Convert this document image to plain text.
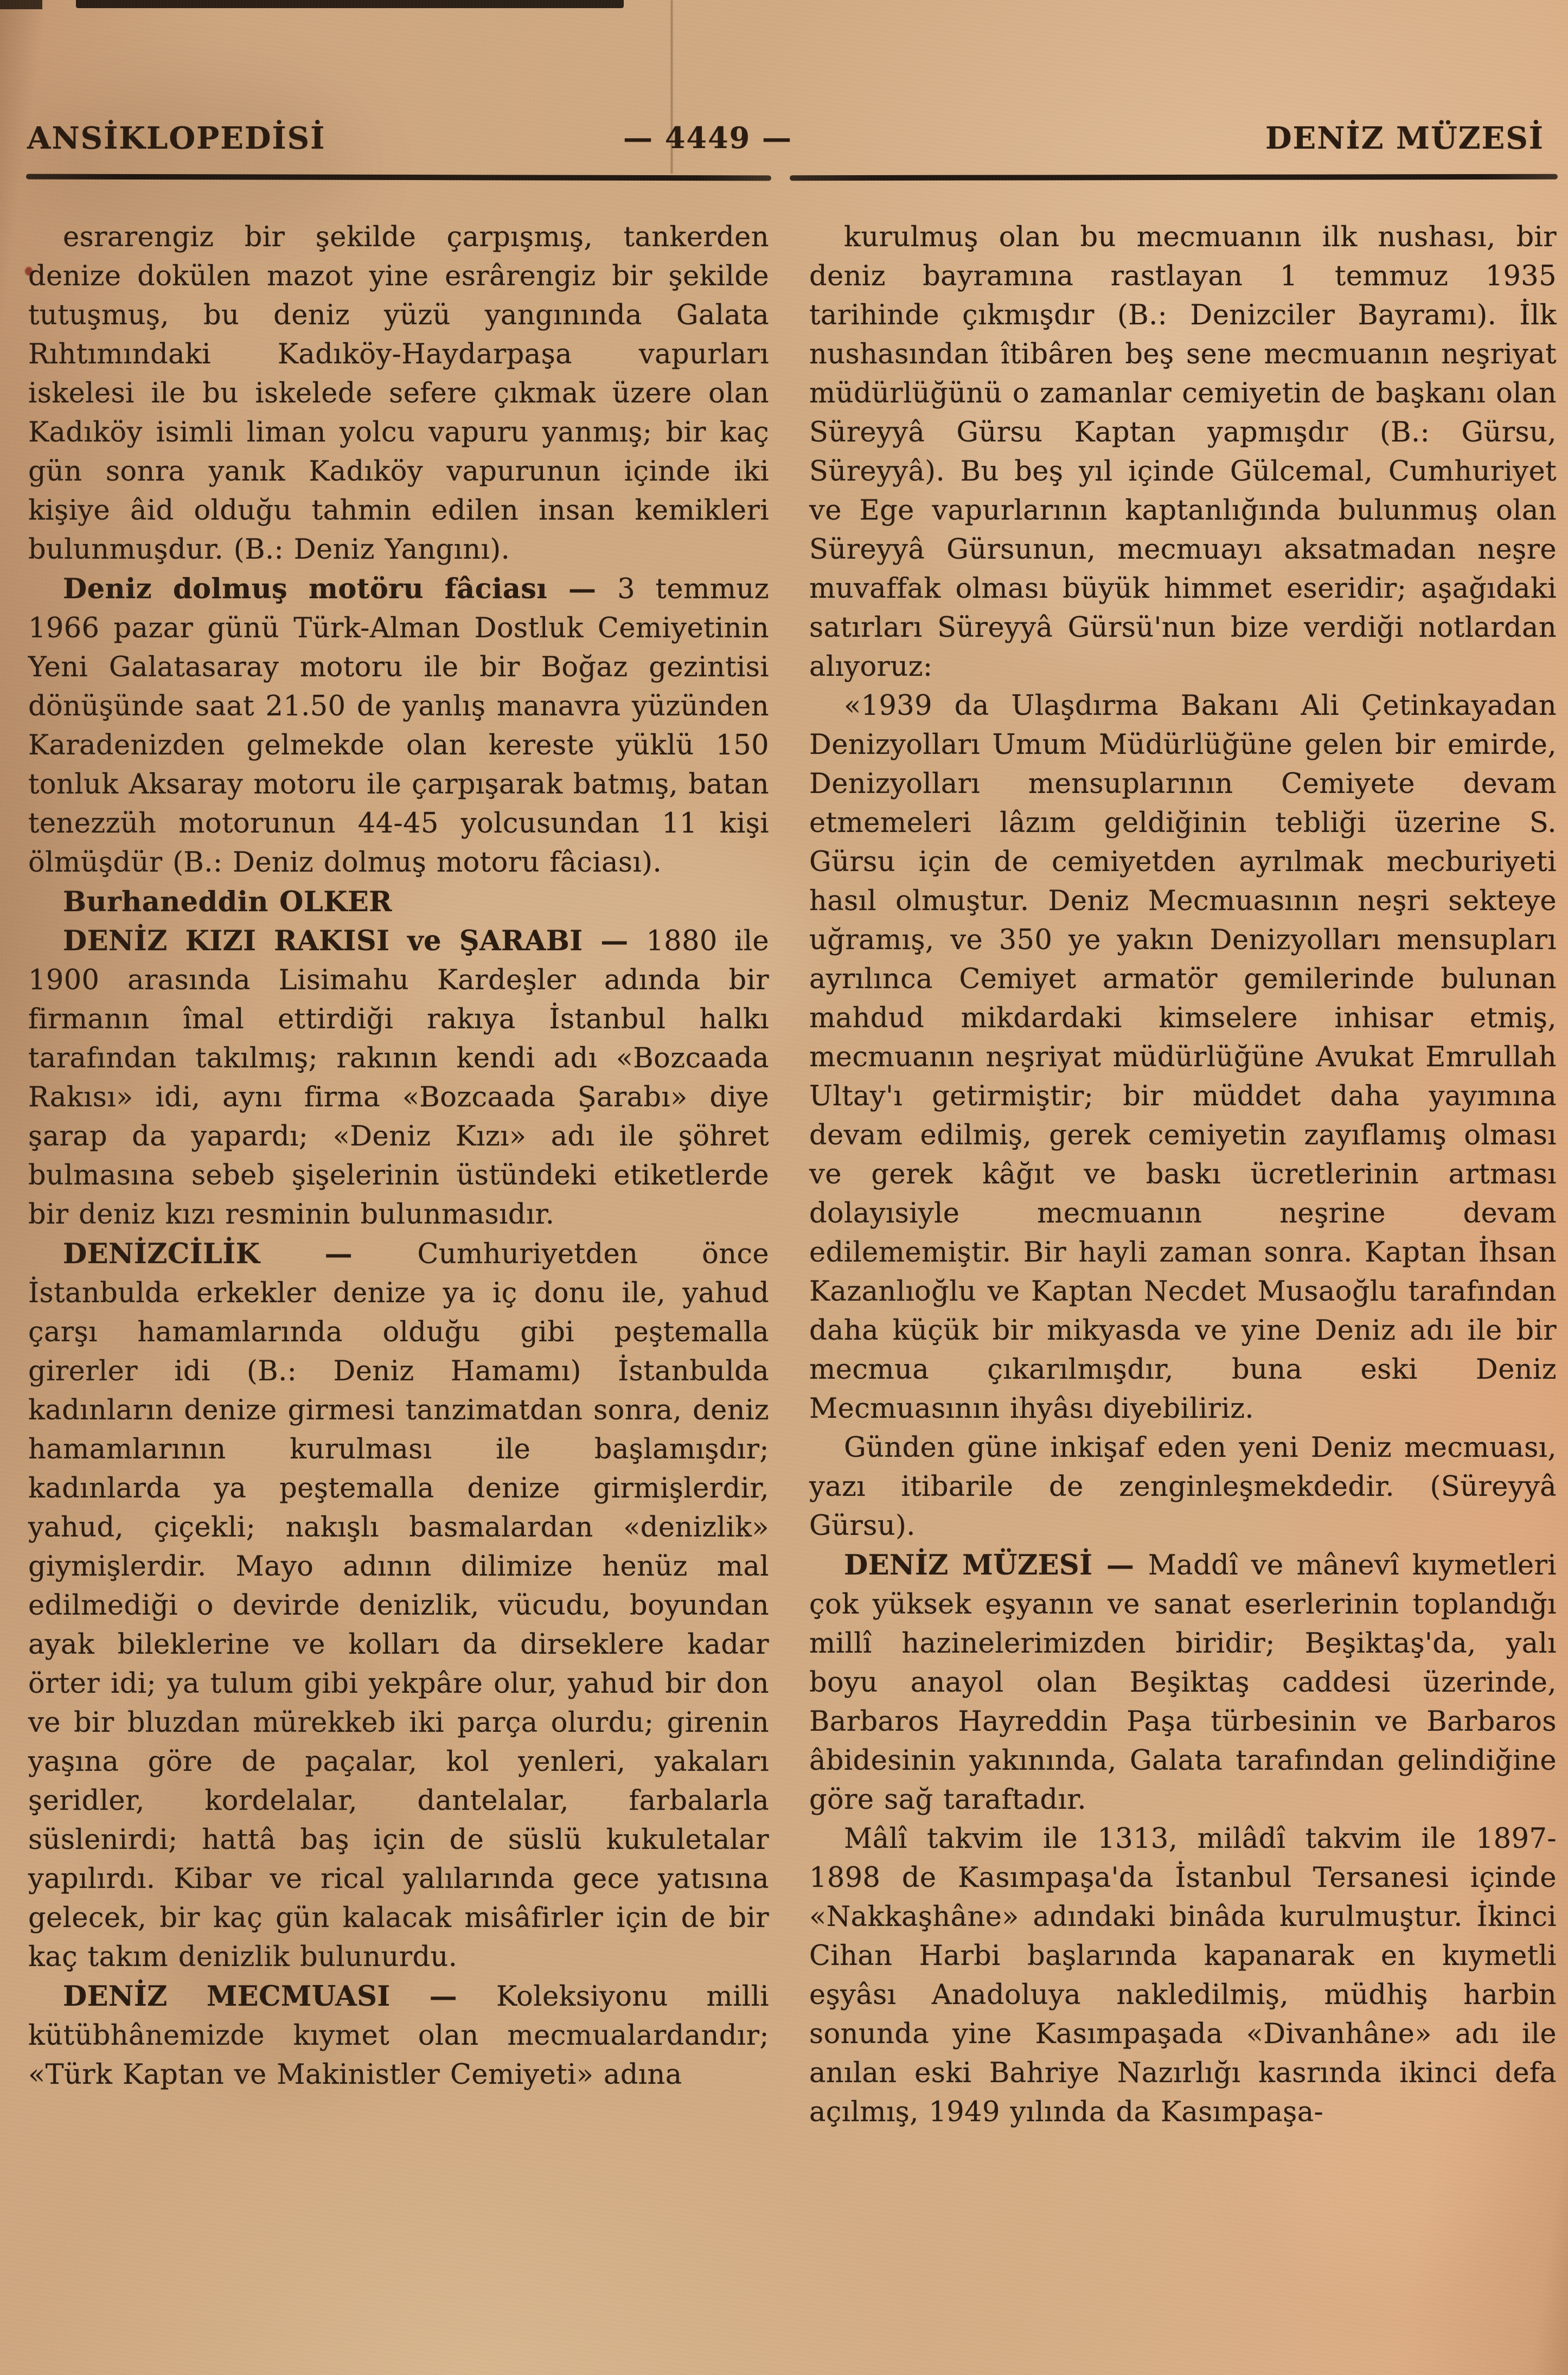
ANSİKLOPEDİSİ	— 4449 —	DENİZ MÜZESİ

esrarengiz bir şekilde çarpışmış, tankerden denize dokülen mazot yine esrârengiz bir şekilde tutuşmuş, bu deniz yüzü yangınında Galata Rıhtımındaki Kadıköy-Haydarpaşa vapurları iskelesi ile bu iskelede sefere çıkmak üzere olan Kadıköy isimli liman yolcu vapuru yanmış; bir kaç gün sonra yanık Kadıköy vapurunun içinde iki kişiye âid olduğu tahmin edilen insan kemikleri bulunmuşdur. (B.: Deniz Yangını).

Deniz dolmuş motöru fâciası — 3 temmuz 1966 pazar günü Türk-Alman Dostluk Cemiyetinin Yeni Galatasaray motoru ile bir Boğaz gezintisi dönüşünde saat 21.50 de yanlış manavra yüzünden Karadenizden gelmekde olan kereste yüklü 150 tonluk Aksaray motoru ile çarpışarak batmış, batan tenezzüh motorunun 44-45 yolcusundan 11 kişi ölmüşdür (B.: Deniz dolmuş motoru fâciası).

Burhaneddin OLKER

DENİZ KIZI RAKISI ve ŞARABI — 1880 ile 1900 arasında Lisimahu Kardeşler adında bir firmanın îmal ettirdiği rakıya İstanbul halkı tarafından takılmış; rakının kendi adı «Bozcaada Rakısı» idi, aynı firma «Bozcaada Şarabı» diye şarap da yapardı; «Deniz Kızı» adı ile şöhret bulmasına sebeb şişelerinin üstündeki etiketlerde bir deniz kızı resminin bulunmasıdır.

DENİZCİLİK — Cumhuriyetden önce İstanbulda erkekler denize ya iç donu ile, yahud çarşı hamamlarında olduğu gibi peştemalla girerler idi (B.: Deniz Hamamı) İstanbulda kadınların denize girmesi tanzimatdan sonra, deniz hamamlarının kurulması ile başlamışdır; kadınlarda ya peştemalla denize girmişlerdir, yahud, çiçekli; nakışlı basmalardan «denizlik» giymişlerdir. Mayo adının dilimize henüz mal edilmediği o devirde denizlik, vücudu, boyundan ayak bileklerine ve kolları da dirseklere kadar örter idi; ya tulum gibi yekpâre olur, yahud bir don ve bir bluzdan mürekkeb iki parça olurdu; girenin yaşına göre de paçalar, kol yenleri, yakaları şeridler, kordelalar, dantelalar, farbalarla süslenirdi; hattâ baş için de süslü kukuletalar yapılırdı. Kibar ve rical yalılarında gece yatısına gelecek, bir kaç gün kalacak misâfirler için de bir kaç takım denizlik bulunurdu.

DENİZ MECMUASI — Koleksiyonu milli kütübhânemizde kıymet olan mecmualardandır; «Türk Kaptan ve Makinistler Cemiyeti» adına

kurulmuş olan bu mecmuanın ilk nushası, bir deniz bayramına rastlayan 1 temmuz 1935 tarihinde çıkmışdır (B.: Denizciler Bayramı). İlk nushasından îtibâren beş sene mecmuanın neşriyat müdürlüğünü o zamanlar cemiyetin de başkanı olan Süreyyâ Gürsu Kaptan yapmışdır (B.: Gürsu, Süreyyâ). Bu beş yıl içinde Gülcemal, Cumhuriyet ve Ege vapurlarının kaptanlığında bulunmuş olan Süreyyâ Gürsunun, mecmuayı aksatmadan neşre muvaffak olması büyük himmet eseridir; aşağıdaki satırları Süreyyâ Gürsü'nun bize verdiği notlardan alıyoruz:

«1939 da Ulaşdırma Bakanı Ali Çetinkayadan Denizyolları Umum Müdürlüğüne gelen bir emirde, Denizyolları mensuplarının Cemiyete devam etmemeleri lâzım geldiğinin tebliği üzerine S. Gürsu için de cemiyetden ayrılmak mecburiyeti hasıl olmuştur. Deniz Mecmuasının neşri sekteye uğramış, ve 350 ye yakın Denizyolları mensupları ayrılınca Cemiyet armatör gemilerinde bulunan mahdud mikdardaki kimselere inhisar etmiş, mecmuanın neşriyat müdürlüğüne Avukat Emrullah Ultay'ı getirmiştir; bir müddet daha yayımına devam edilmiş, gerek cemiyetin zayıflamış olması ve gerek kâğıt ve baskı ücretlerinin artması dolayısiyle mecmuanın neşrine devam edilememiştir. Bir hayli zaman sonra. Kaptan İhsan Kazanlıoğlu ve Kaptan Necdet Musaoğlu tarafından daha küçük bir mikyasda ve yine Deniz adı ile bir mecmua çıkarılmışdır, buna eski Deniz Mecmuasının ihyâsı diyebiliriz.

Günden güne inkişaf eden yeni Deniz mecmuası, yazı itibarile de zenginleşmekdedir. (Süreyyâ Gürsu).

DENİZ MÜZESİ — Maddî ve mânevî kıymetleri çok yüksek eşyanın ve sanat eserlerinin toplandığı millî hazinelerimizden biridir; Beşiktaş'da, yalı boyu anayol olan Beşiktaş caddesi üzerinde, Barbaros Hayreddin Paşa türbesinin ve Barbaros âbidesinin yakınında, Galata tarafından gelindiğine göre sağ taraftadır.

Mâlî takvim ile 1313, milâdî takvim ile 1897-1898 de Kasımpaşa'da İstanbul Tersanesi içinde «Nakkaşhâne» adındaki binâda kurulmuştur. İkinci Cihan Harbi başlarında kapanarak en kıymetli eşyâsı Anadoluya nakledilmiş, müdhiş harbin sonunda yine Kasımpaşada «Divanhâne» adı ile anılan eski Bahriye Nazırlığı kasrında ikinci defa açılmış, 1949 yılında da Kasımpaşa-
